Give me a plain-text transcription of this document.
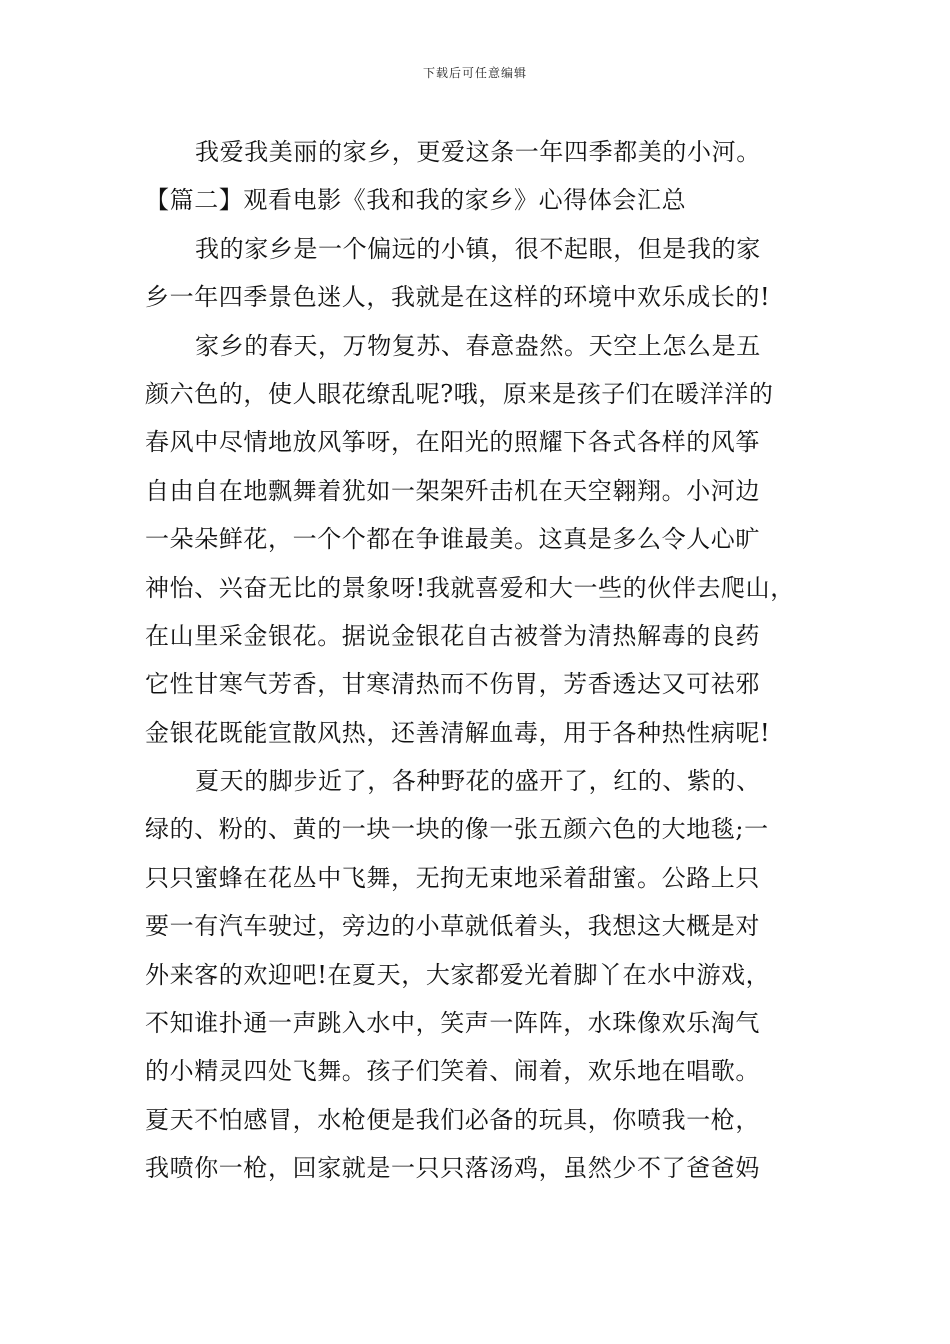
下载后可任意编辑
我爱我美丽的家乡，更爱这条一年四季都美的小河。
【篇二】观看电影《我和我的家乡》心得体会汇总
我的家乡是一个偏远的小镇，很不起眼，但是我的家
乡一年四季景色迷人，我就是在这样的环境中欢乐成长的!
家乡的春天，万物复苏、春意盎然。天空上怎么是五
颜六色的，使人眼花缭乱呢?哦，原来是孩子们在暖洋洋的
春风中尽情地放风筝呀，在阳光的照耀下各式各样的风筝
自由自在地飘舞着犹如一架架歼击机在天空翱翔。小河边
一朵朵鲜花，一个个都在争谁最美。这真是多么令人心旷
神怡、兴奋无比的景象呀!我就喜爱和大一些的伙伴去爬山，
在山里采金银花。据说金银花自古被誉为清热解毒的良药
它性甘寒气芳香，甘寒清热而不伤胃，芳香透达又可祛邪
金银花既能宣散风热，还善清解血毒，用于各种热性病呢!
夏天的脚步近了，各种野花的盛开了，红的、紫的、
绿的、粉的、黄的一块一块的像一张五颜六色的大地毯;一
只只蜜蜂在花丛中飞舞，无拘无束地采着甜蜜。公路上只
要一有汽车驶过，旁边的小草就低着头，我想这大概是对
外来客的欢迎吧!在夏天，大家都爱光着脚丫在水中游戏，
不知谁扑通一声跳入水中，笑声一阵阵，水珠像欢乐淘气
的小精灵四处飞舞。孩子们笑着、闹着，欢乐地在唱歌。
夏天不怕感冒，水枪便是我们必备的玩具，你喷我一枪，
我喷你一枪，回家就是一只只落汤鸡，虽然少不了爸爸妈
